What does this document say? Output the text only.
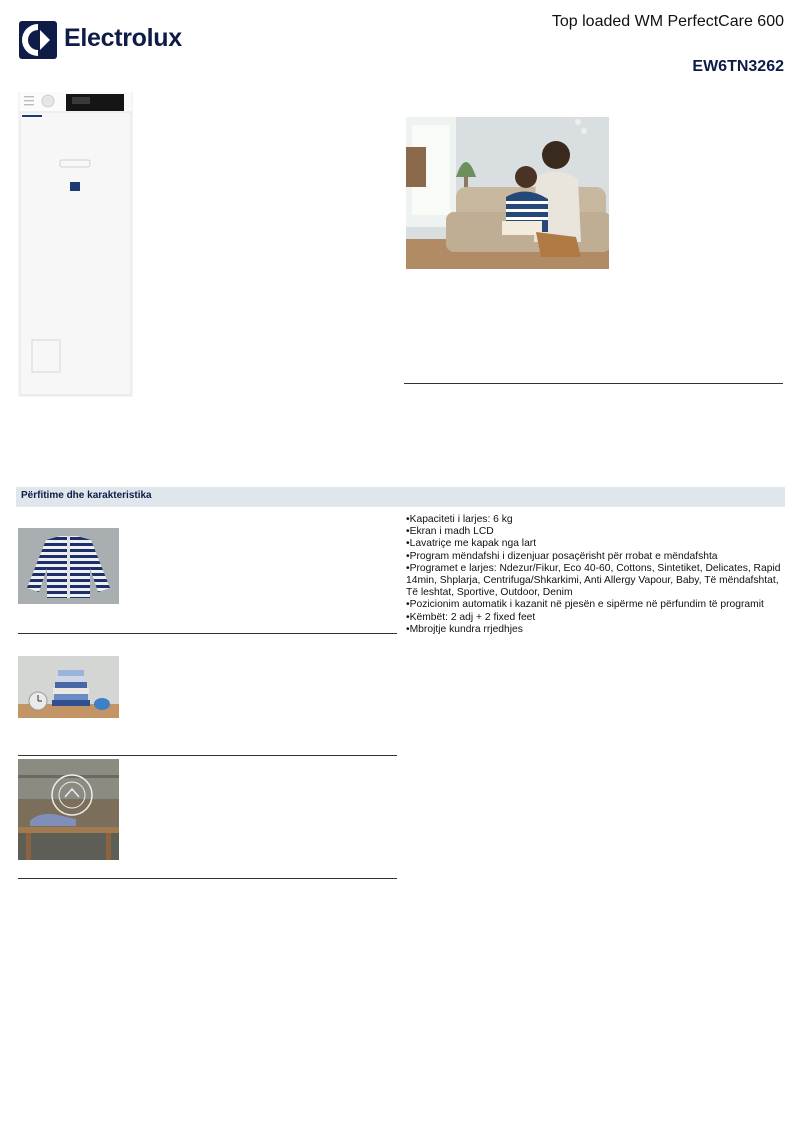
Electrolux
Top loaded WM PerfectCare 600
EW6TN3262
Përfitime dhe karakteristika
• Kapaciteti i larjes: 6 kg
• Ekran i madh LCD
• Lavatriçe me kapak nga lart
• Program mëndafshi i dizenjuar posaçërisht për rrobat e mëndafshta
• Programet e larjes: Ndezur/Fikur, Eco 40-60, Cottons, Sintetiket, Delicates, Rapid 14min, Shplarja, Centrifuga/Shkarkimi, Anti Allergy Vapour, Baby, Të mëndafshtat, Të leshtat, Sportive, Outdoor, Denim
• Pozicionim automatik i kazanit në pjesën e sipërme në përfundim të programit
• Këmbët: 2 adj + 2 fixed feet
• Mbrojtje kundra rrjedhjes
